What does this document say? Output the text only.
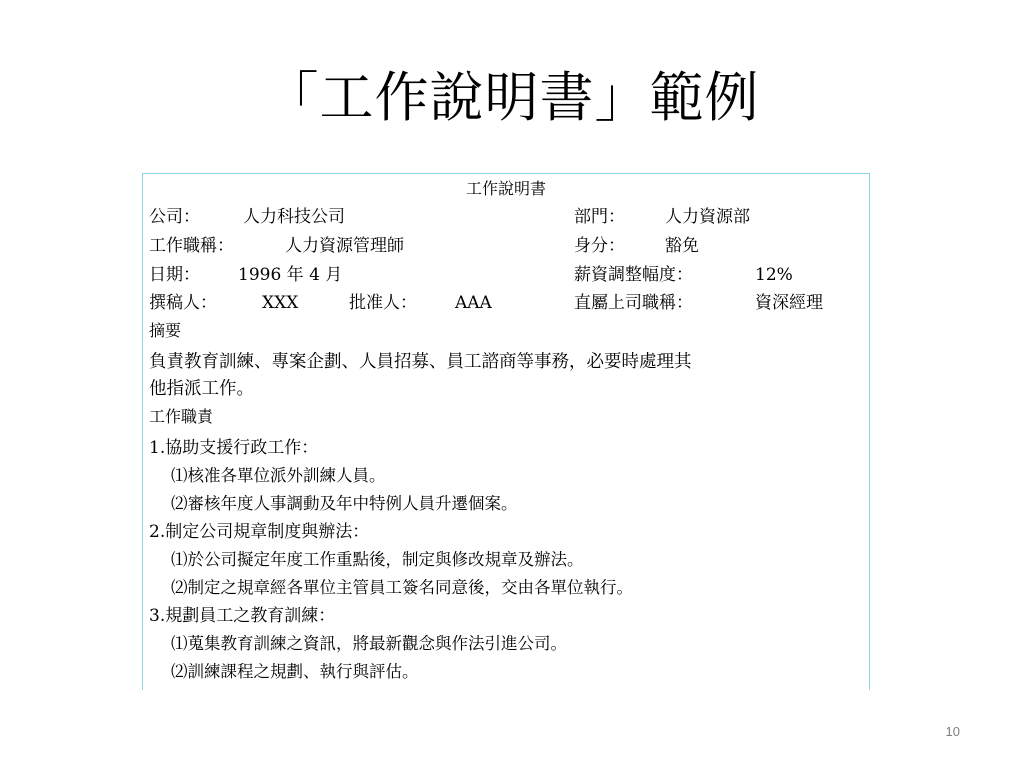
「工作說明書」範例
工作說明書
公司：	人力科技公司	部門： 人力資源部
工作職稱：	人力資源管理師	身分： 豁免
日期： 1996 年 4 月	薪資調整幅度：	12%
撰稿人：	XXX	批准人： AAA	直屬上司職稱：	資深經理
摘要
負責教育訓練、專案企劃、人員招募、員工諮商等事務，必要時處理其
他指派工作。
工作職責
1.協助支援行政工作：
⑴核准各單位派外訓練人員。
⑵審核年度人事調動及年中特例人員升遷個案。
2.制定公司規章制度與辦法：
⑴於公司擬定年度工作重點後，制定與修改規章及辦法。
⑵制定之規章經各單位主管員工簽名同意後，交由各單位執行。
3.規劃員工之教育訓練：
⑴蒐集教育訓練之資訊，將最新觀念與作法引進公司。
⑵訓練課程之規劃、執行與評估。
10
